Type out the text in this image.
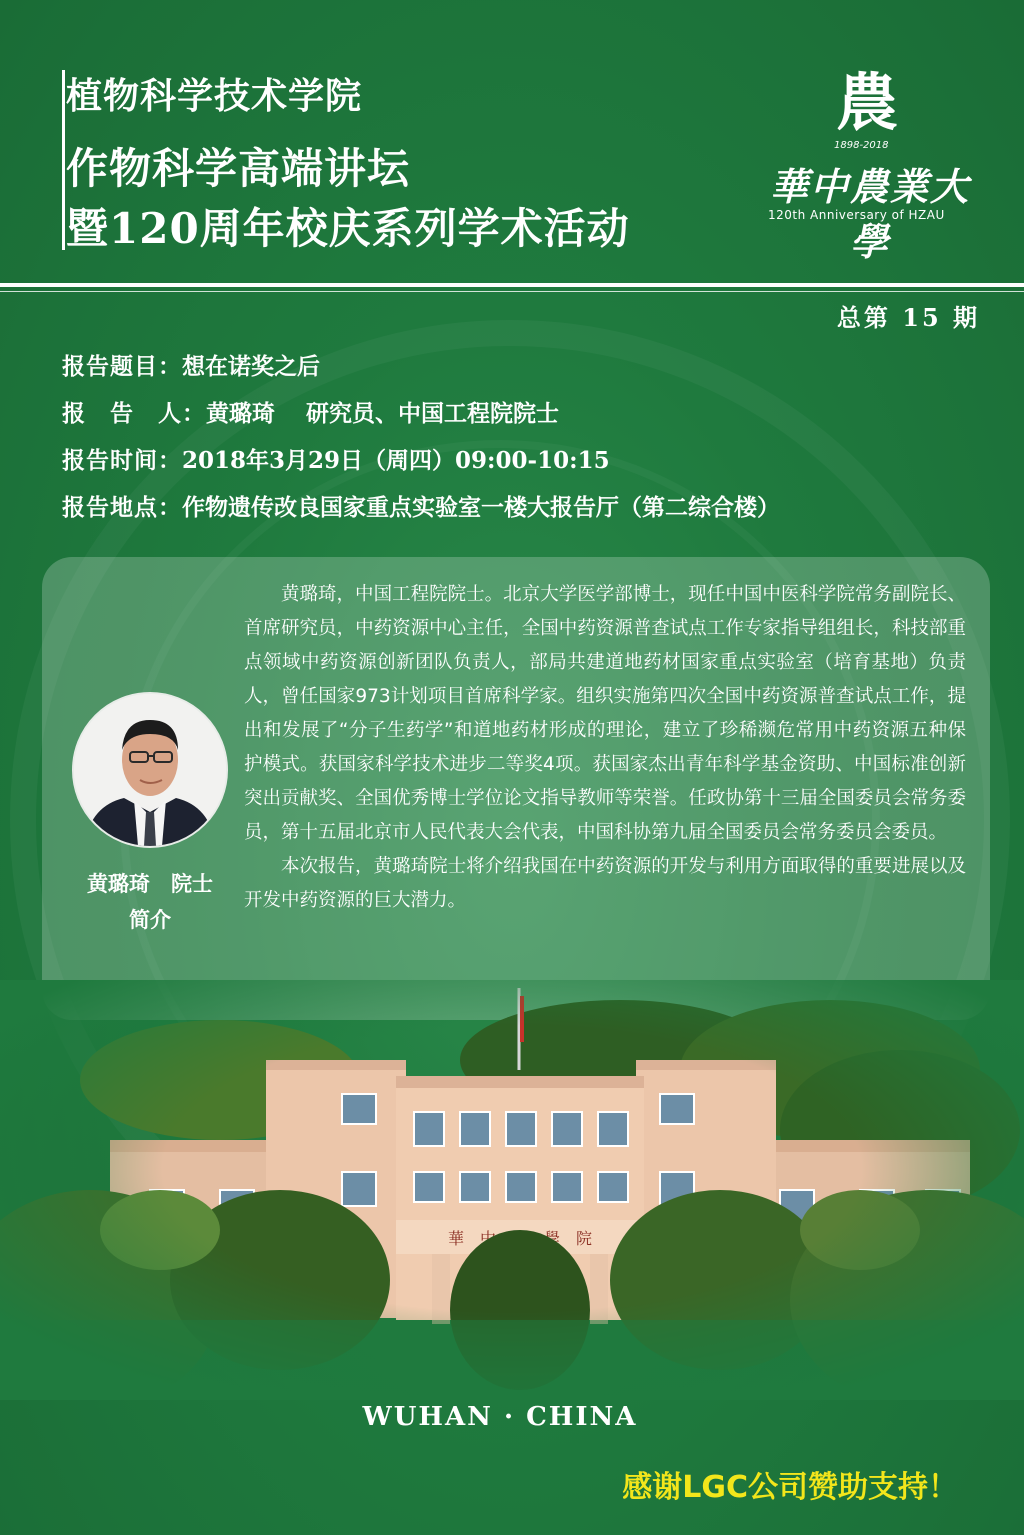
植物科学技术学院
作物科学高端讲坛
暨120周年校庆系列学术活动
農
1898-2018
華中農業大學
120th Anniversary of HZAU
总第 15 期
报告题目：想在诺奖之后
报　告　人：黄璐琦　 研究员、中国工程院院士
报告时间：2018年3月29日（周四）09:00-10:15
报告地点：作物遗传改良国家重点实验室一楼大报告厅（第二综合楼）
黄璐琦　院士
简介

黄璐琦，中国工程院院士。北京大学医学部博士，现任中国中医科学院常务副院长、首席研究员，中药资源中心主任，全国中药资源普查试点工作专家指导组组长，科技部重点领域中药资源创新团队负责人，部局共建道地药材国家重点实验室（培育基地）负责人，曾任国家973计划项目首席科学家。组织实施第四次全国中药资源普查试点工作，提出和发展了“分子生药学”和道地药材形成的理论，建立了珍稀濒危常用中药资源五种保护模式。获国家科学技术进步二等奖4项。获国家杰出青年科学基金资助、中国标准创新突出贡献奖、全国优秀博士学位论文指导教师等荣誉。任政协第十三届全国委员会常务委员，第十五届北京市人民代表大会代表，中国科协第九届全国委员会常务委员会委员。

本次报告，黄璐琦院士将介绍我国在中药资源的开发与利用方面取得的重要进展以及开发中药资源的巨大潜力。

WUHAN · CHINA
感谢LGC公司赞助支持！
